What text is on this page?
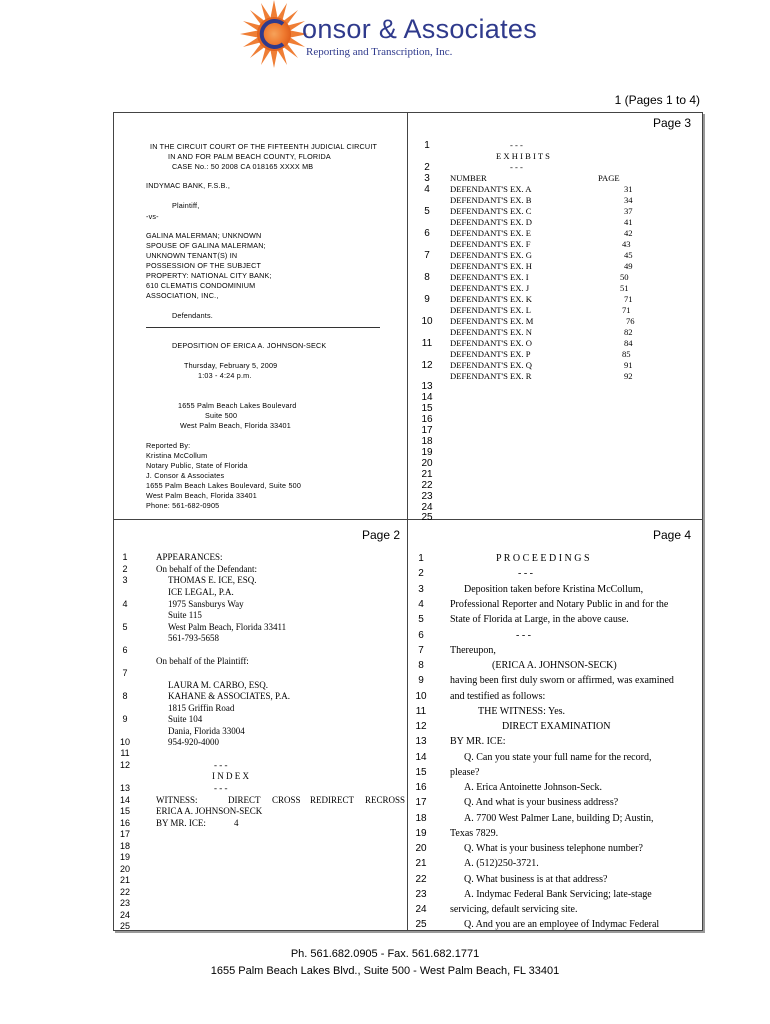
onsor & Associates
Reporting and Transcription, Inc.
1 (Pages 1 to 4)
Page 3
Page 2	Page 4
IN THE CIRCUIT COURT OF THE FIFTEENTH JUDICIAL CIRCUIT
IN AND FOR PALM BEACH COUNTY, FLORIDA
CASE No.: 50 2008 CA 018165 XXXX MB
INDYMAC BANK, F.S.B.,
Plaintiff,
-vs-
GALINA MALERMAN; UNKNOWN
SPOUSE OF GALINA MALERMAN;
UNKNOWN TENANT(S) IN
POSSESSION OF THE SUBJECT
PROPERTY: NATIONAL CITY BANK;
610 CLEMATIS CONDOMINIUM
ASSOCIATION, INC.,
Defendants.
DEPOSITION OF ERICA A. JOHNSON-SECK
Thursday, February 5, 2009
1:03 - 4:24 p.m.
1655 Palm Beach Lakes Boulevard
Suite 500
West Palm Beach, Florida 33401
Reported By:
Kristina McCollum
Notary Public, State of Florida
J. Consor & Associates
1655 Palm Beach Lakes Boulevard, Suite 500
West Palm Beach, Florida 33401
Phone: 561-682-0905
1
2
3
4
5
6
7
8
9
10
11
12
13
14
15
16
17
18
19
20
21
22
23
24
25
- - -
E X H I B I T S
- - -
NUMBER	PAGE
DEFENDANT'S EX. A	31
DEFENDANT'S EX. B	34
DEFENDANT'S EX. C	37
DEFENDANT'S EX. D	41
DEFENDANT'S EX. E	42
DEFENDANT'S EX. F	43
DEFENDANT'S EX. G	45
DEFENDANT'S EX. H	49
DEFENDANT'S EX. I	50
DEFENDANT'S EX. J	51
DEFENDANT'S EX. K	71
DEFENDANT'S EX. L	71
DEFENDANT'S EX. M	76
DEFENDANT'S EX. N	82
DEFENDANT'S EX. O	84
DEFENDANT'S EX. P	85
DEFENDANT'S EX. Q	91
DEFENDANT'S EX. R	92
1
2
3
4
5
6
7
8
9
10
11
12
13
14
15
16
17
18
19
20
21
22
23
24
25
APPEARANCES:
On behalf of the Defendant:
THOMAS E. ICE, ESQ.
ICE LEGAL, P.A.
1975 Sansburys Way
Suite 115
West Palm Beach, Florida 33411
561-793-5658
On behalf of the Plaintiff:
LAURA M. CARBO, ESQ.
KAHANE & ASSOCIATES, P.A.
1815 Griffin Road
Suite 104
Dania, Florida 33004
954-920-4000
- - -
I N D E X
- - -
WITNESS:	DIRECT CROSS REDIRECT RECROSS
ERICA A. JOHNSON-SECK
BY MR. ICE:	4
1
2
3
4
5
6
7
8
9
10
11
12
13
14
15
16
17
18
19
20
21
22
23
24
25
P R O C E E D I N G S
- - -
Deposition taken before Kristina McCollum,
Professional Reporter and Notary Public in and for the
State of Florida at Large, in the above cause.
- - -
Thereupon,
(ERICA A. JOHNSON-SECK)
having been first duly sworn or affirmed, was examined
and testified as follows:
THE WITNESS: Yes.
DIRECT EXAMINATION
BY MR. ICE:
Q. Can you state your full name for the record,
please?
A. Erica Antoinette Johnson-Seck.
Q. And what is your business address?
A. 7700 West Palmer Lane, building D; Austin,
Texas 7829.
Q. What is your business telephone number?
A. (512)250-3721.
Q. What business is at that address?
A. Indymac Federal Bank Servicing; late-stage
servicing, default servicing site.
Q. And you are an employee of Indymac Federal
Ph. 561.682.0905 - Fax. 561.682.1771
1655 Palm Beach Lakes Blvd., Suite 500 - West Palm Beach, FL 33401
